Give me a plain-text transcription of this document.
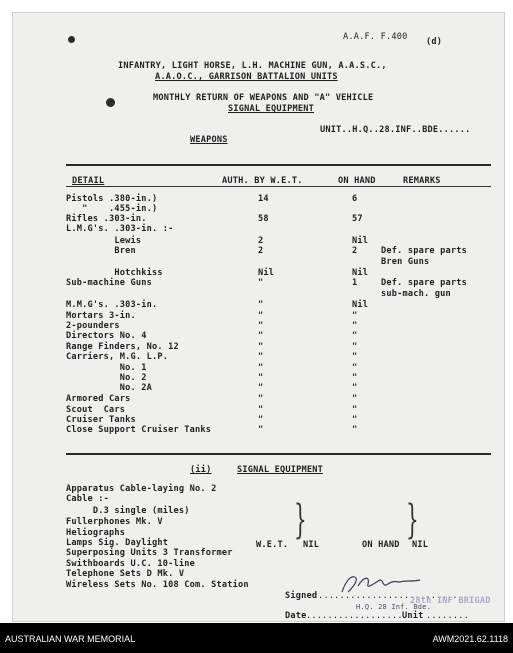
A.A.F. F.400 (d)
INFANTRY, LIGHT HORSE, L.H. MACHINE GUN, A.A.S.C.,
A.A.O.C., GARRISON BATTALION UNITS
MONTHLY RETURN OF WEAPONS AND "A" VEHICLE
SIGNAL EQUIPMENT
UNIT..H.Q..28.INF..BDE......
WEAPONS
DETAIL	AUTH. BY W.E.T.	ON HAND	REMARKS
Pistols .380-in.)	14	6
"    .455-in.)
Rifles .303-in.	58	57
L.M.G's. .303-in. :-
Lewis	2	Nil
Bren	2	2	Def. spare parts
Bren Guns
Hotchkiss	Nil	Nil
Sub-machine Guns	"	1	Def. spare parts
sub-mach. gun
M.M.G's. .303-in.	"	Nil
Mortars 3-in.	"	"
2-pounders	"	"
Directors No. 4	"	"
Range Finders, No. 12	"	"
Carriers, M.G. L.P.	"	"
No. 1	"	"
No. 2	"	"
No. 2A	"	"
Armored Cars	"	"
Scout  Cars	"	"
Cruiser Tanks	"	"
Close Support Cruiser Tanks	"	"
(ii)	SIGNAL EQUIPMENT
Apparatus Cable-laying No. 2
Cable :-
D.3 single (miles)
Fullerphones Mk. V
Heliographs
Lamps Sig. Daylight
Superposing Units 3 Transformer
Swithboards U.C. 10-line
Telephone Sets D Mk. V
Wireless Sets No. 108 Com. Station
} }
W.E.T. NIL	ON HAND NIL
Signed ..........................
28th INF BRIGAD
H.Q. 28 Inf. Bde.
Date .................. Unit ........
AUSTRALIAN WAR MEMORIAL	AWM2021.62.1118
